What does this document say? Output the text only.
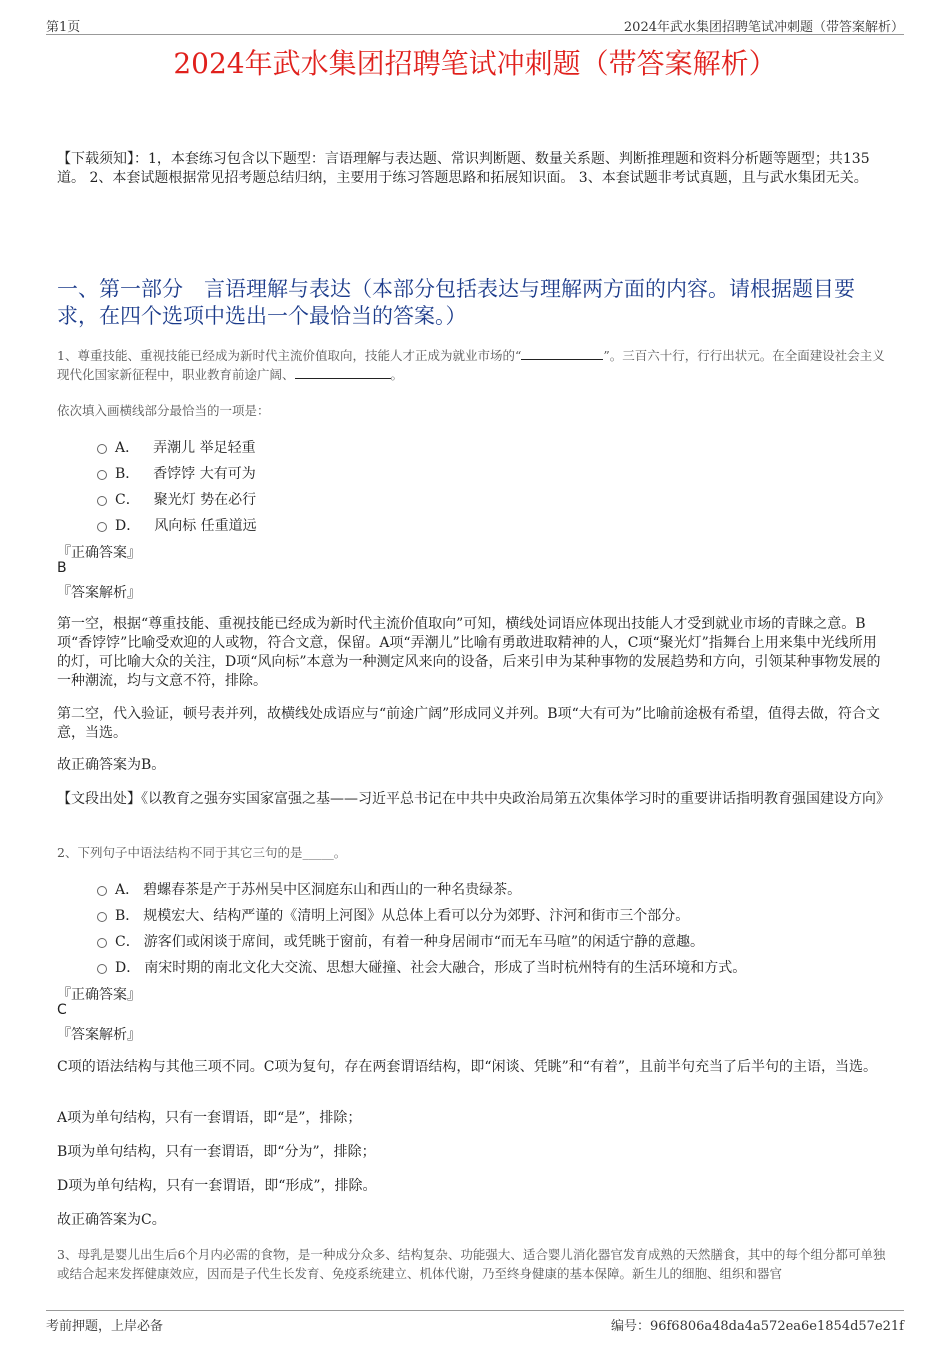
第1页	2024年武水集团招聘笔试冲刺题（带答案解析）
2024年武水集团招聘笔试冲刺题（带答案解析）
【下载须知】：1，本套练习包含以下题型：言语理解与表达题、常识判断题、数量关系题、判断推理题和资料分析题等题型；共135道。 2、本套试题根据常见招考题总结归纳，主要用于练习答题思路和拓展知识面。 3、本套试题非考试真题，且与武水集团无关。
一、第一部分　言语理解与表达（本部分包括表达与理解两方面的内容。请根据题目要求，在四个选项中选出一个最恰当的答案。）
1、尊重技能、重视技能已经成为新时代主流价值取向，技能人才正成为就业市场的“	”。三百六十行，行行出状元。在全面建设社会主义现代化国家新征程中，职业教育前途广阔、	。
依次填入画横线部分最恰当的一项是：
A． 弄潮儿 举足轻重
B． 香饽饽 大有可为
C． 聚光灯 势在必行
D． 风向标 任重道远
『正确答案』
B
『答案解析』
第一空，根据“尊重技能、重视技能已经成为新时代主流价值取向”可知，横线处词语应体现出技能人才受到就业市场的青睐之意。B项“香饽饽”比喻受欢迎的人或物，符合文意，保留。A项“弄潮儿”比喻有勇敢进取精神的人，C项“聚光灯”指舞台上用来集中光线所用的灯，可比喻大众的关注，D项“风向标”本意为一种测定风来向的设备，后来引申为某种事物的发展趋势和方向，引领某种事物发展的一种潮流，均与文意不符，排除。
第二空，代入验证，顿号表并列，故横线处成语应与“前途广阔”形成同义并列。B项“大有可为”比喻前途极有希望，值得去做，符合文意，当选。
故正确答案为B。
【文段出处】《以教育之强夯实国家富强之基——习近平总书记在中共中央政治局第五次集体学习时的重要讲话指明教育强国建设方向》
2、下列句子中语法结构不同于其它三句的是_____。
A． 碧螺春茶是产于苏州吴中区洞庭东山和西山的一种名贵绿茶。
B． 规模宏大、结构严谨的《清明上河图》从总体上看可以分为郊野、汴河和街市三个部分。
C． 游客们或闲谈于席间，或凭眺于窗前，有着一种身居闹市“而无车马喧”的闲适宁静的意趣。
D． 南宋时期的南北文化大交流、思想大碰撞、社会大融合，形成了当时杭州特有的生活环境和方式。
『正确答案』
C
『答案解析』
C项的语法结构与其他三项不同。C项为复句，存在两套谓语结构，即“闲谈、凭眺”和“有着”，且前半句充当了后半句的主语，当选。
A项为单句结构，只有一套谓语，即“是”，排除；
B项为单句结构，只有一套谓语，即“分为”，排除；
D项为单句结构，只有一套谓语，即“形成”，排除。
故正确答案为C。
3、母乳是婴儿出生后6个月内必需的食物，是一种成分众多、结构复杂、功能强大、适合婴儿消化器官发育成熟的天然膳食，其中的每个组分都可单独或结合起来发挥健康效应，因而是子代生长发育、免疫系统建立、机体代谢，乃至终身健康的基本保障。新生儿的细胞、组织和器官
考前押题，上岸必备	编号：96f6806a48da4a572ea6e1854d57e21f
